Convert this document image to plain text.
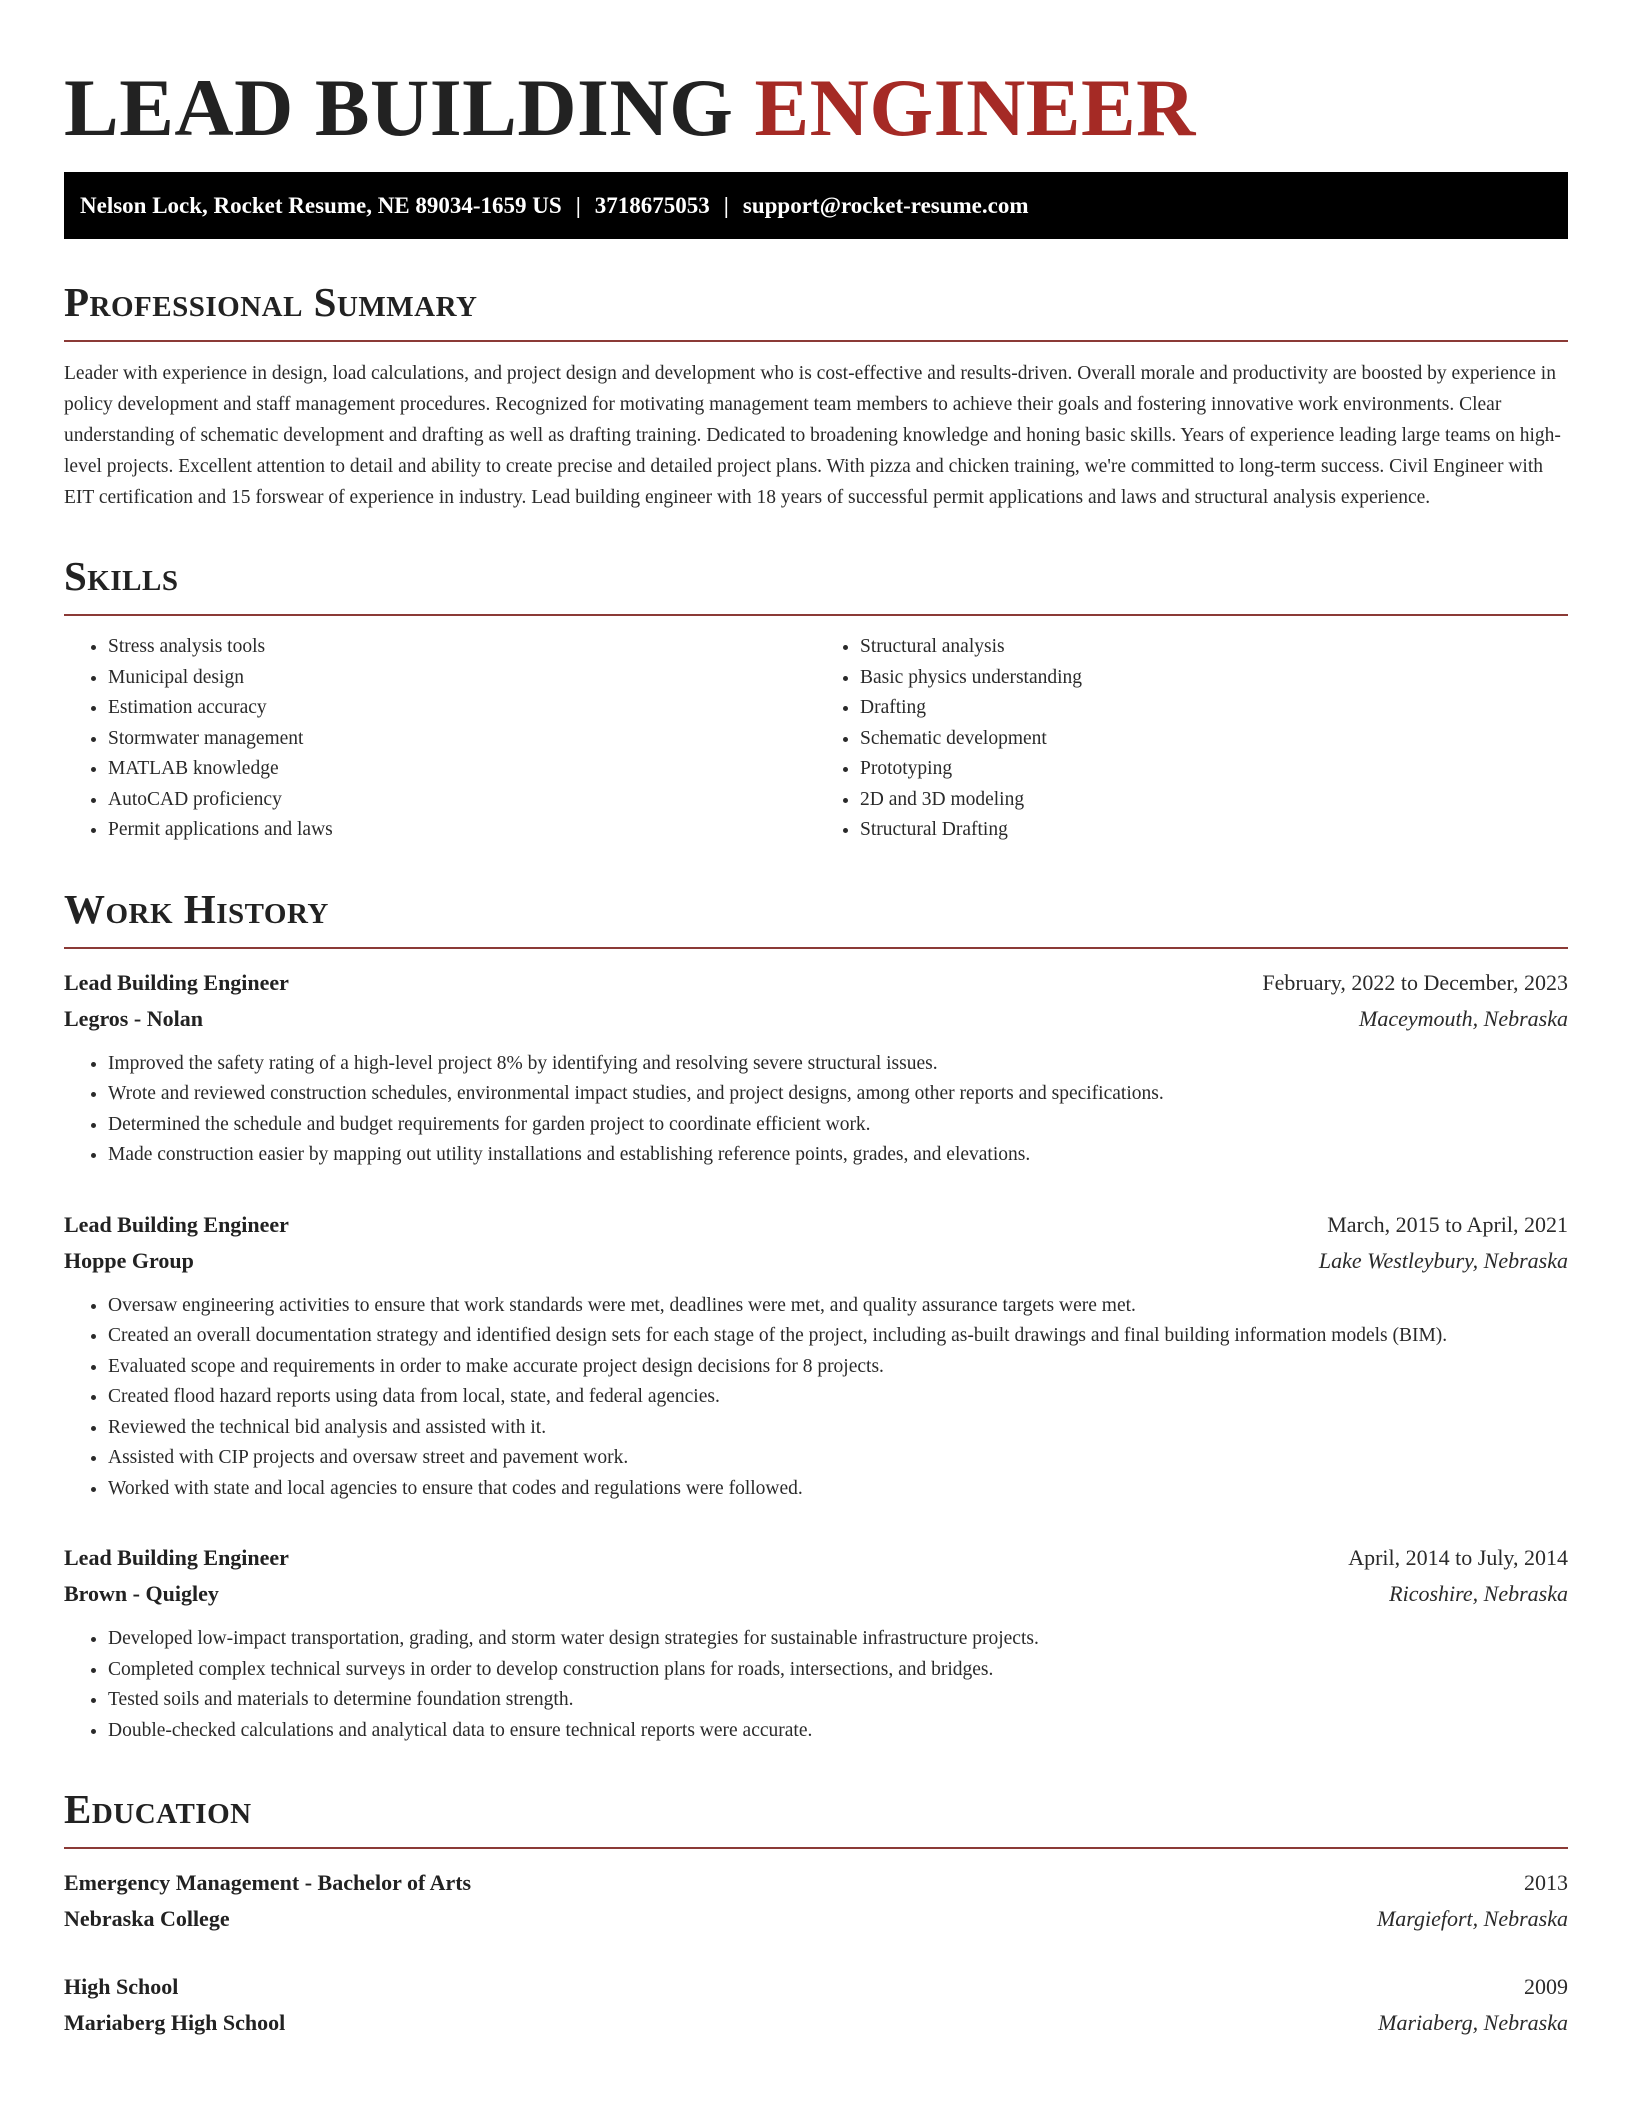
LEAD BUILDING ENGINEER
Nelson Lock, Rocket Resume, NE 89034-1659 US | 3718675053 | support@rocket-resume.com
Professional Summary

Leader with experience in design, load calculations, and project design and development who is cost-effective and results-driven. Overall morale and productivity are boosted by experience in policy development and staff management procedures. Recognized for motivating management team members to achieve their goals and fostering innovative work environments. Clear understanding of schematic development and drafting as well as drafting training. Dedicated to broadening knowledge and honing basic skills. Years of experience leading large teams on high-level projects. Excellent attention to detail and ability to create precise and detailed project plans. With pizza and chicken training, we're committed to long-term success. Civil Engineer with EIT certification and 15 forswear of experience in industry. Lead building engineer with 18 years of successful permit applications and laws and structural analysis experience.

Skills
• Stress analysis tools
• Municipal design
• Estimation accuracy
• Stormwater management
• MATLAB knowledge
• AutoCAD proficiency
• Permit applications and laws
• Structural analysis
• Basic physics understanding
• Drafting
• Schematic development
• Prototyping
• 2D and 3D modeling
• Structural Drafting
Work History
Lead Building Engineer	February, 2022 to December, 2023
Legros - Nolan	Maceymouth, Nebraska
• Improved the safety rating of a high-level project 8% by identifying and resolving severe structural issues.
• Wrote and reviewed construction schedules, environmental impact studies, and project designs, among other reports and specifications.
• Determined the schedule and budget requirements for garden project to coordinate efficient work.
• Made construction easier by mapping out utility installations and establishing reference points, grades, and elevations.
Lead Building Engineer	March, 2015 to April, 2021
Hoppe Group	Lake Westleybury, Nebraska
• Oversaw engineering activities to ensure that work standards were met, deadlines were met, and quality assurance targets were met.
• Created an overall documentation strategy and identified design sets for each stage of the project, including as-built drawings and final building information models (BIM).
• Evaluated scope and requirements in order to make accurate project design decisions for 8 projects.
• Created flood hazard reports using data from local, state, and federal agencies.
• Reviewed the technical bid analysis and assisted with it.
• Assisted with CIP projects and oversaw street and pavement work.
• Worked with state and local agencies to ensure that codes and regulations were followed.
Lead Building Engineer	April, 2014 to July, 2014
Brown - Quigley	Ricoshire, Nebraska
• Developed low-impact transportation, grading, and storm water design strategies for sustainable infrastructure projects.
• Completed complex technical surveys in order to develop construction plans for roads, intersections, and bridges.
• Tested soils and materials to determine foundation strength.
• Double-checked calculations and analytical data to ensure technical reports were accurate.
Education
Emergency Management - Bachelor of Arts	2013
Nebraska College	Margiefort, Nebraska
High School	2009
Mariaberg High School	Mariaberg, Nebraska
